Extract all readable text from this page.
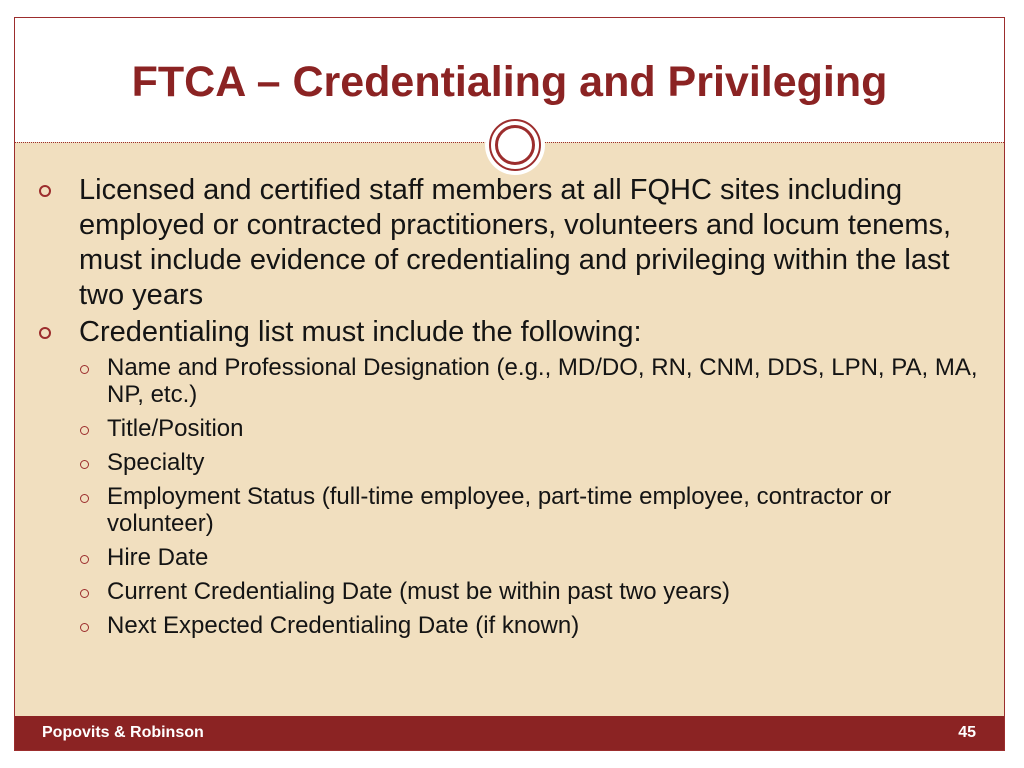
FTCA – Credentialing and Privileging
Licensed and certified staff members at all FQHC sites including employed or contracted practitioners, volunteers and locum tenems, must include evidence of credentialing and privileging within the last two years
Credentialing list must include the following:
Name and Professional Designation (e.g., MD/DO, RN, CNM, DDS, LPN, PA, MA, NP, etc.)
Title/Position
Specialty
Employment Status (full-time employee, part-time employee, contractor or volunteer)
Hire Date
Current Credentialing Date (must be within past two years)
Next Expected Credentialing Date (if known)
Popovits & Robinson	45
